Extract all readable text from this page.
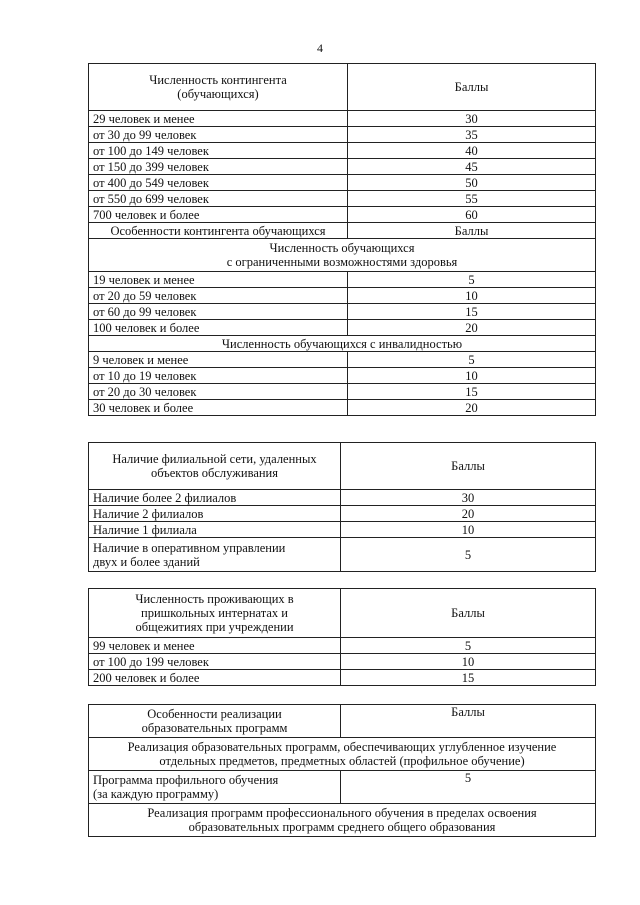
4
Численность контингента (обучающихся)	Баллы
29 человек и менее	30
от 30 до 99 человек	35
от 100 до 149 человек	40
от 150 до 399 человек	45
от 400 до 549 человек	50
от 550 до 699 человек	55
700 человек и более	60
Особенности контингента обучающихся	Баллы

Численность обучающихся
с ограниченными возможностями здоровья	

19 человек и менее	5
от 20 до 59 человек	10
от 60 до 99 человек	15
100 человек и более	20
Численность обучающихся с инвалидностью	
9 человек и менее	5
от 10 до 19 человек	10
от 20 до 30 человек	15
30 человек и более	20
Наличие филиальной сети, удаленных
объектов обслуживания	Баллы
Наличие более 2 филиалов	30
Наличие 2 филиалов	20
Наличие 1 филиала	10

Наличие в оперативном управлении
двух и более зданий	5
Численность проживающих в
пришкольных интернатах и
общежитиях при учреждении	Баллы
99 человек и менее	5
от 100 до 199 человек	10
200 человек и более	15
Особенности реализации
образовательных программ	Баллы

Реализация образовательных программ, обеспечивающих углубленное изучение
отдельных предметов, предметных областей (профильное обучение)	

Программа профильного обучения
(за каждую программу)	5

Реализация программ профессионального обучения в пределах освоения
образовательных программ среднего общего образования	
